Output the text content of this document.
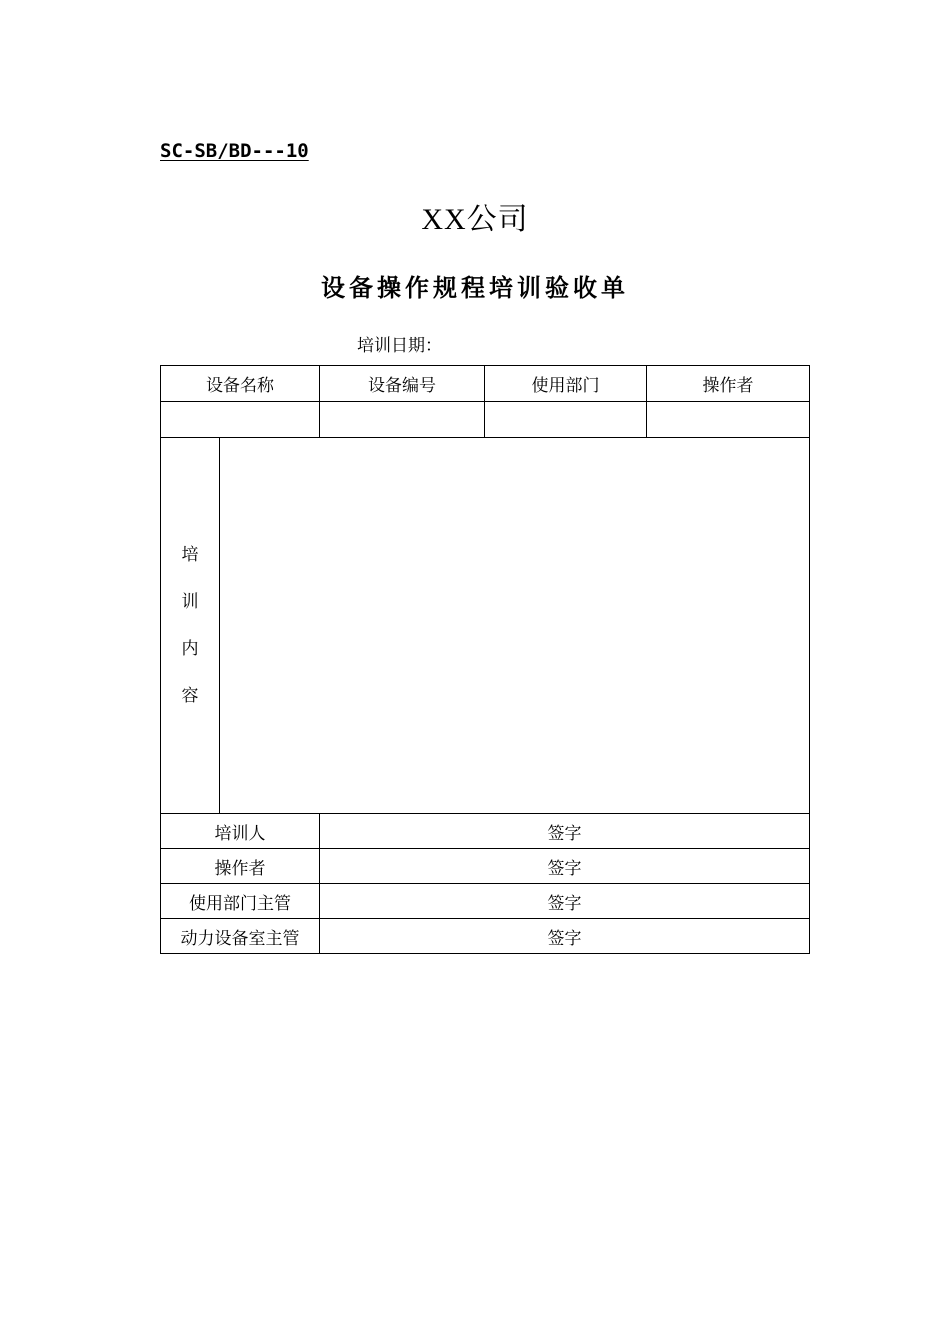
SC-SB/BD---10
XX公司
设备操作规程培训验收单
培训日期：
设备名称		设备编号	使用部门	操作者

培
训
内
容				

培训人		签字		
操作者		签字		
使用部门主管		签字		
动力设备室主管		签字		
